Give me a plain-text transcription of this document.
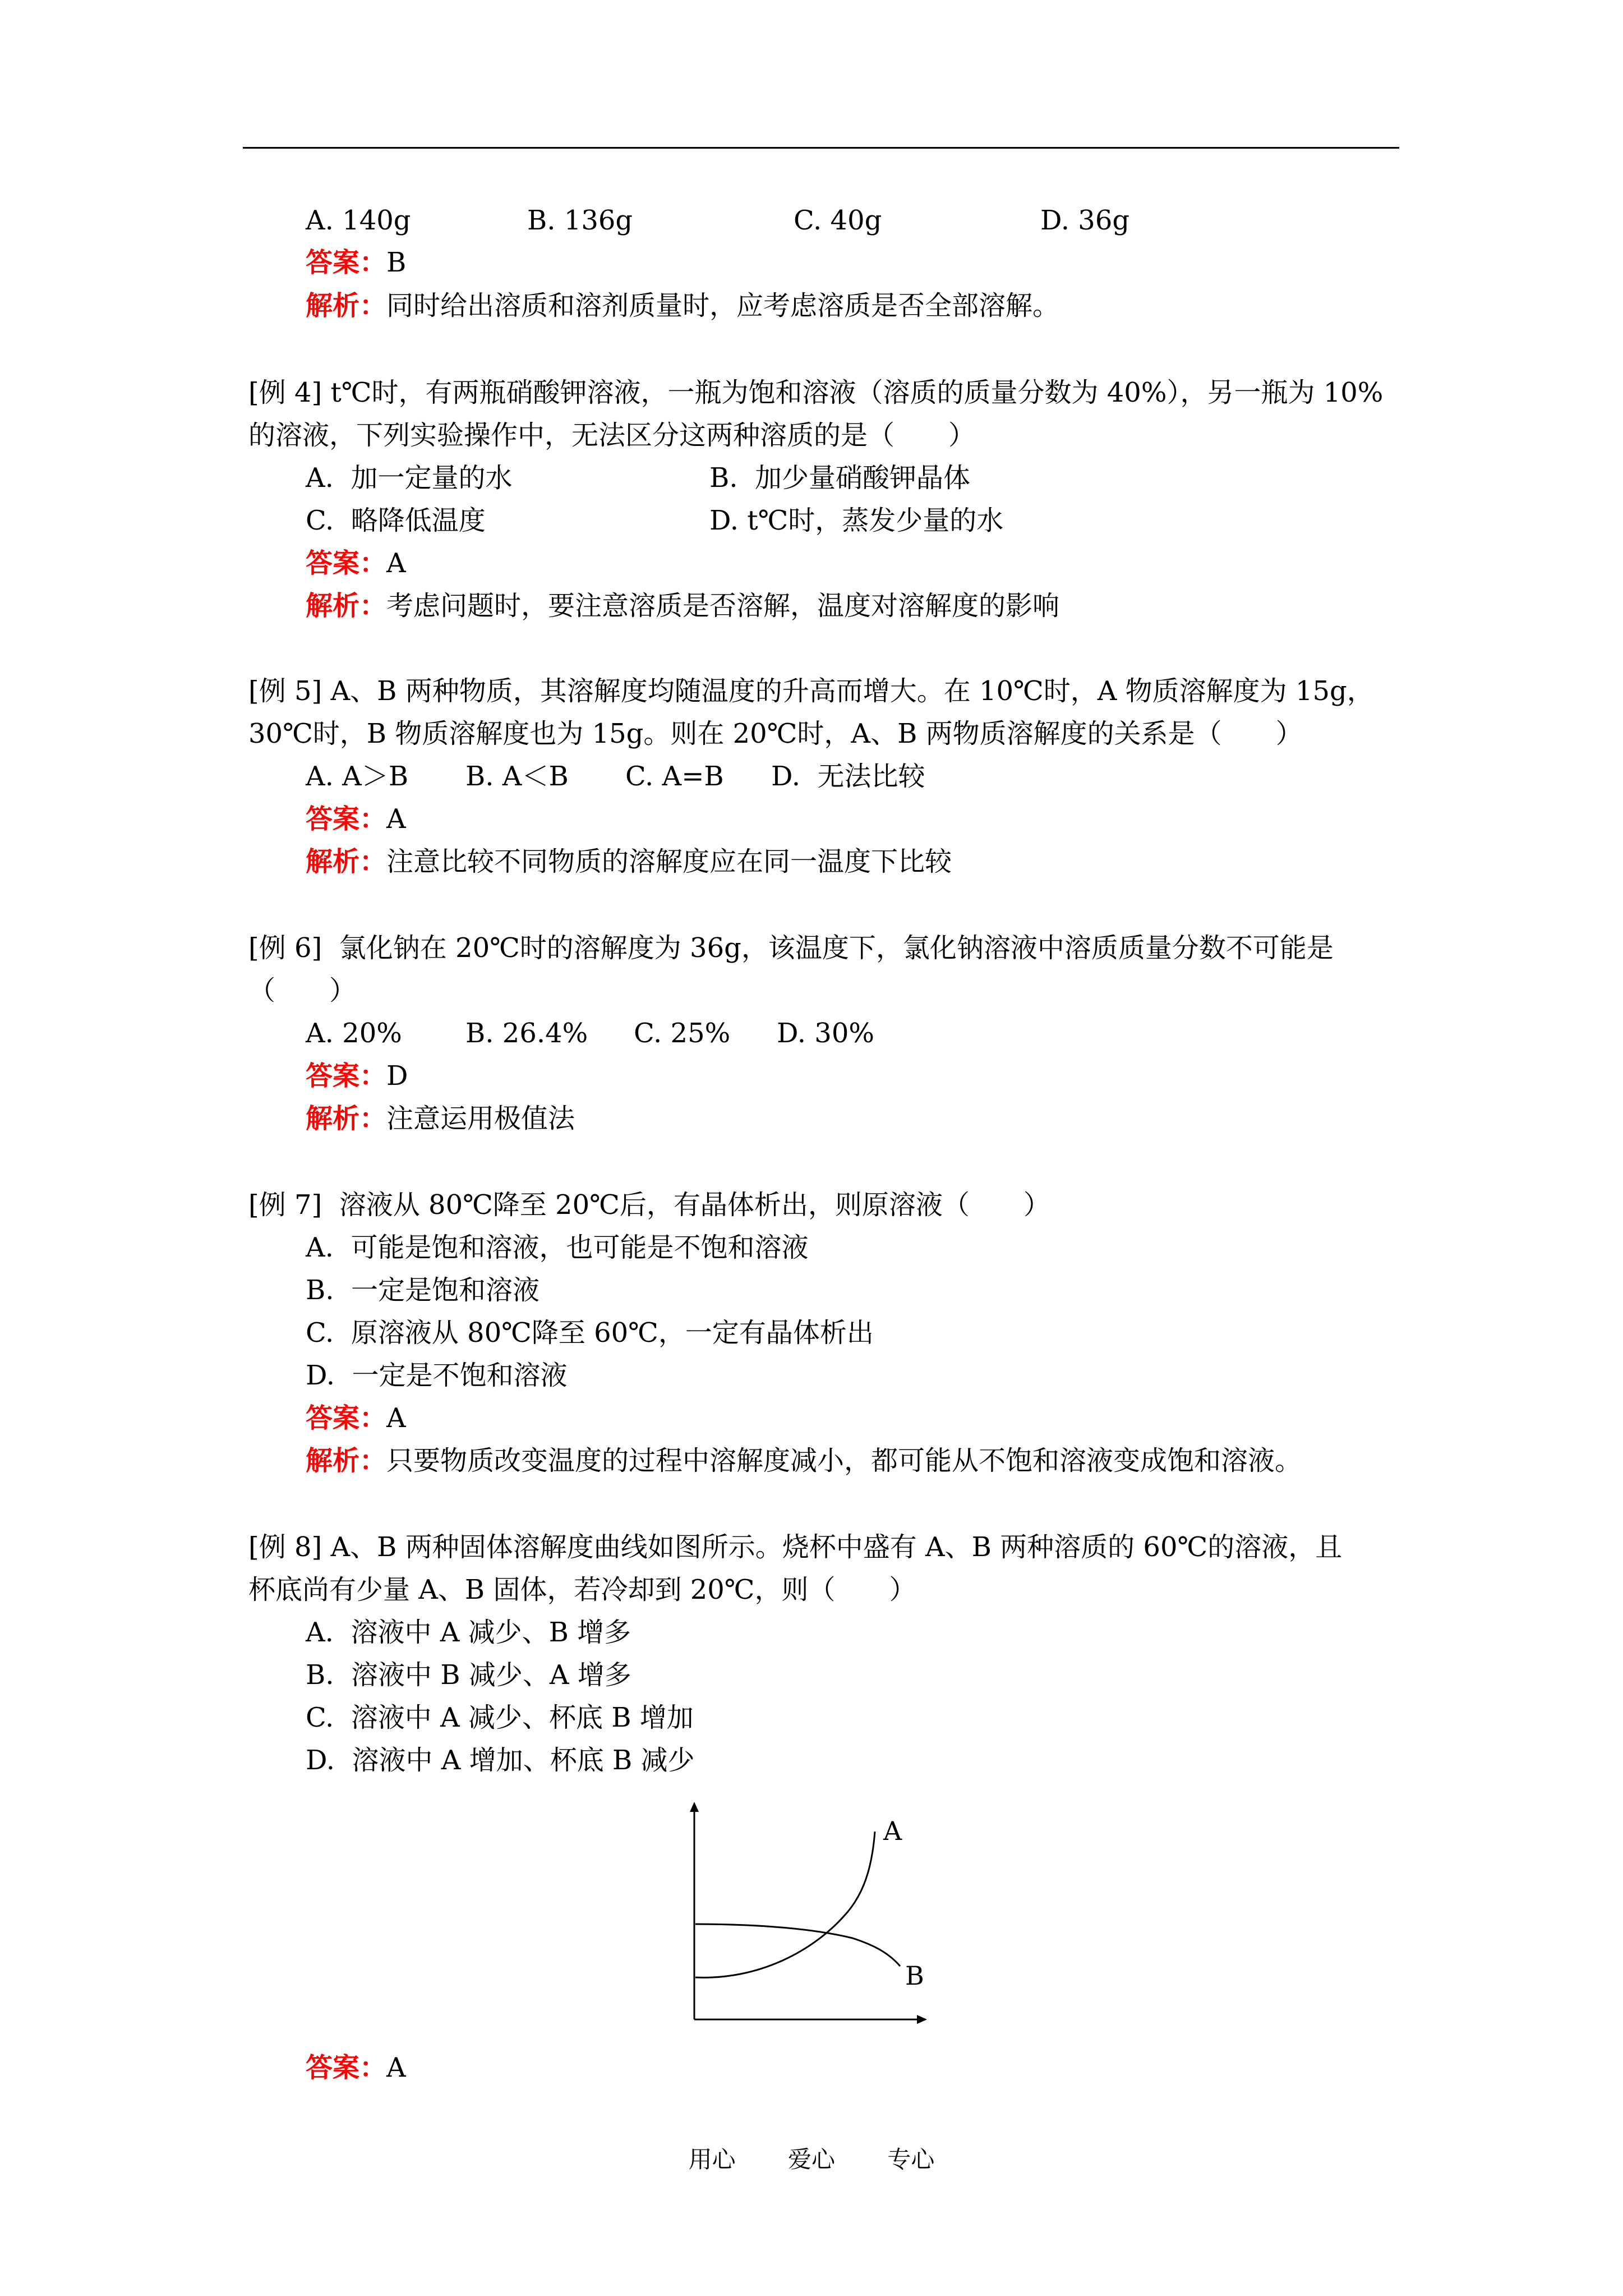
A. 140g

	B. 136g

	C. 40g

	D. 36g

答案：B
解析：同时给出溶质和溶剂质量时，应考虑溶质是否全部溶解。
[例 4] t℃时，有两瓶硝酸钾溶液，一瓶为饱和溶液（溶质的质量分数为 40%），另一瓶为 10%
的溶液，下列实验操作中，无法区分这两种溶质的是（　　）

A.  加一定量的水

	B.  加少量硝酸钾晶体

C.  略降低温度

	D. t℃时，蒸发少量的水

答案：A
解析：考虑问题时，要注意溶质是否溶解，温度对溶解度的影响
[例 5] A、B 两种物质，其溶解度均随温度的升高而增大。在 10℃时，A 物质溶解度为 15g，
30℃时，B 物质溶解度也为 15g。则在 20℃时，A、B 两物质溶解度的关系是（　　）

A. A＞B

B. A＜B

C. A=B

D.  无法比较

答案：A
解析：注意比较不同物质的溶解度应在同一温度下比较
[例 6]  氯化钠在 20℃时的溶解度为 36g，该温度下，氯化钠溶液中溶质质量分数不可能是
（　　）

A. 20%

B. 26.4%

C. 25%

D. 30%

答案：D
解析：注意运用极值法
[例 7]  溶液从 80℃降至 20℃后，有晶体析出，则原溶液（　　）
A.  可能是饱和溶液，也可能是不饱和溶液
B.  一定是饱和溶液
C.  原溶液从 80℃降至 60℃，一定有晶体析出
D.  一定是不饱和溶液
答案：A
解析：只要物质改变温度的过程中溶解度减小，都可能从不饱和溶液变成饱和溶液。
[例 8] A、B 两种固体溶解度曲线如图所示。烧杯中盛有 A、B 两种溶质的 60℃的溶液，且
杯底尚有少量 A、B 固体，若冷却到 20℃，则（　　）
A.  溶液中 A 减少、B 增多
B.  溶液中 B 减少、A 增多
C.  溶液中 A 减少、杯底 B 增加
D.  溶液中 A 增加、杯底 B 减少
A
B
答案：A
用心 爱心 专心
